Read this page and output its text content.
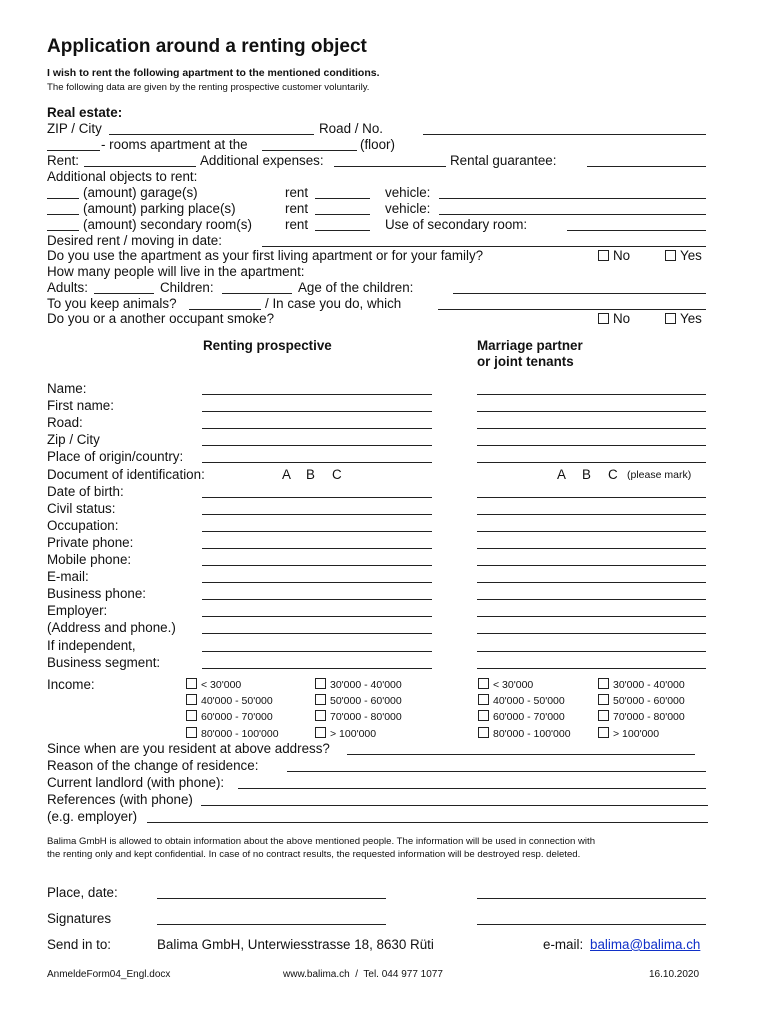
Application around a renting object
I wish to rent the following apartment to the mentioned conditions.
The following data are given by the renting prospective customer voluntarily.
Real estate:
ZIP / City	Road / No.
- rooms apartment at the	(floor)
Rent:	Additional expenses:	Rental guarantee:
Additional objects to rent:
(amount) garage(s)	rent	vehicle:
(amount) parking place(s)	rent	vehicle:
(amount) secondary room(s) rent	Use of secondary room:
Desired rent / moving in date:
Do you use the apartment as your first living apartment or for your family?	No	Yes
How many people will live in the apartment:
Adults:	Children:	Age of the children:
To you keep animals?	/ In case you do, which
Do you or a another occupant smoke?	No	Yes
Renting prospective	Marriage partner
or joint tenants
Name:
First name:
Road:
Zip / City
Place of origin/country:
Document of identification:	A B C	A B C (please mark)
Date of birth:
Civil status:
Occupation:
Private phone:
Mobile phone:
E-mail:
Business phone:
Employer:
(Address and phone.)
If independent,
Business segment:
Income:	< 30'000	30'000 - 40'000
40'000 - 50'000	50'000 - 60'000
60'000 - 70'000	70'000 - 80'000
80'000 - 100'000	> 100'000
< 30'000	30'000 - 40'000
40'000 - 50'000	50'000 - 60'000
60'000 - 70'000	70'000 - 80'000
80'000 - 100'000	> 100'000
Since when are you resident at above address?
Reason of the change of residence:
Current landlord (with phone):
References (with phone)
(e.g. employer)
Balima GmbH is allowed to obtain information about the above mentioned people. The information will be used in connection with
the renting only and kept confidential. In case of no contract results, the requested information will be destroyed resp. deleted.
Place, date:
Signatures
Send in to:	Balima GmbH, Unterwiesstrasse 18, 8630 Rüti	e-mail: balima@balima.ch
AnmeldeForm04_Engl.docx	www.balima.ch  /  Tel. 044 977 1077	16.10.2020
